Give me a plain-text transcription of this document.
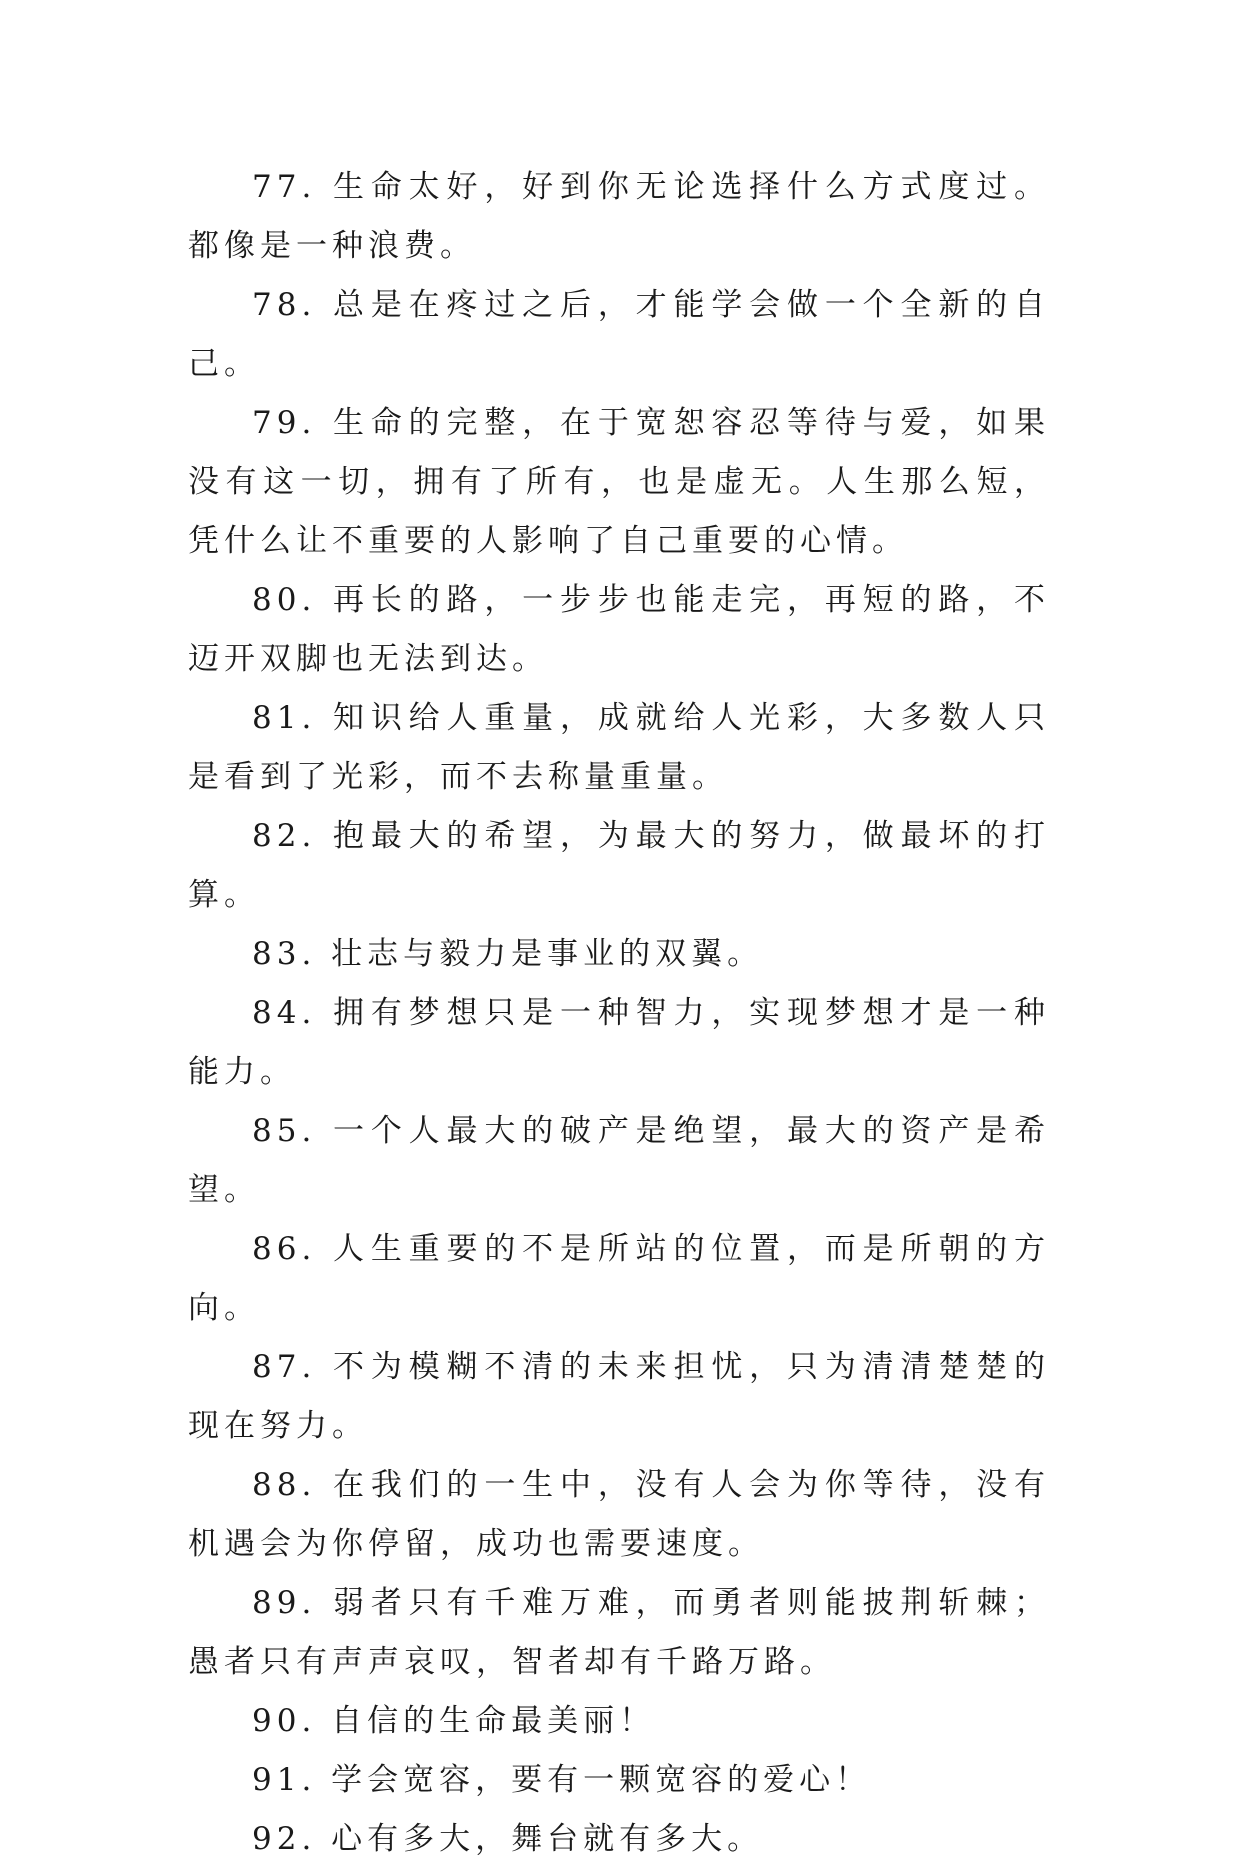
77. 生命太好，好到你无论选择什么方式度过。都像是一种浪费。

78. 总是在疼过之后，才能学会做一个全新的自己。

79. 生命的完整，在于宽恕容忍等待与爱，如果没有这一切，拥有了所有，也是虚无。人生那么短，凭什么让不重要的人影响了自己重要的心情。

80. 再长的路，一步步也能走完，再短的路，不迈开双脚也无法到达。

81. 知识给人重量，成就给人光彩，大多数人只是看到了光彩，而不去称量重量。

82. 抱最大的希望，为最大的努力，做最坏的打算。

83. 壮志与毅力是事业的双翼。

84. 拥有梦想只是一种智力，实现梦想才是一种能力。

85. 一个人最大的破产是绝望，最大的资产是希望。

86. 人生重要的不是所站的位置，而是所朝的方向。

87. 不为模糊不清的未来担忧，只为清清楚楚的现在努力。

88. 在我们的一生中，没有人会为你等待，没有机遇会为你停留，成功也需要速度。

89. 弱者只有千难万难，而勇者则能披荆斩棘；愚者只有声声哀叹，智者却有千路万路。

90. 自信的生命最美丽！

91. 学会宽容，要有一颗宽容的爱心！

92. 心有多大，舞台就有多大。
